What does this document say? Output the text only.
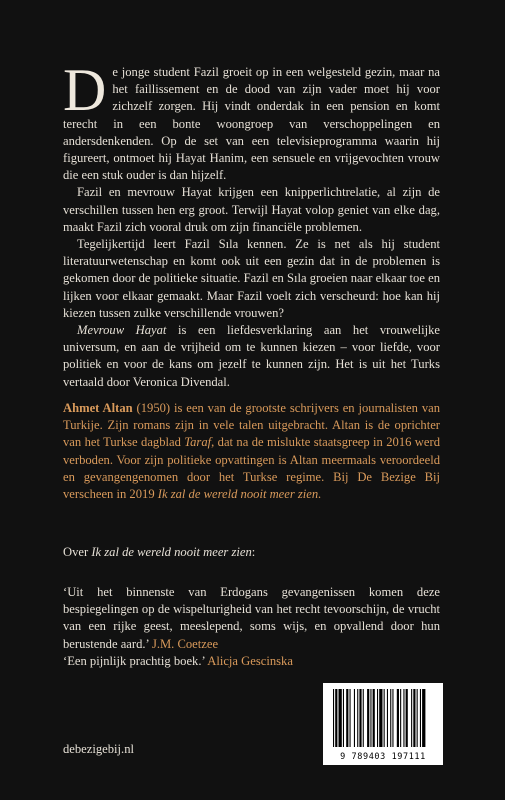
De jonge student Fazil groeit op in een welgesteld gezin, maar na het faillissement en de dood van zijn vader moet hij voor zichzelf zorgen. Hij vindt onderdak in een pension en komt terecht in een bonte woongroep van verschoppelingen en andersdenkenden. Op de set van een televisieprogramma waarin hij figureert, ontmoet hij Hayat Hanim, een sensuele en vrijgevochten vrouw die een stuk ouder is dan hijzelf.

Fazil en mevrouw Hayat krijgen een knipperlichtrelatie, al zijn de verschillen tussen hen erg groot. Terwijl Hayat volop geniet van elke dag, maakt Fazil zich vooral druk om zijn financiële problemen.

Tegelijkertijd leert Fazil Sıla kennen. Ze is net als hij student literatuurwetenschap en komt ook uit een gezin dat in de problemen is gekomen door de politieke situatie. Fazil en Sıla groeien naar elkaar toe en lijken voor elkaar gemaakt. Maar Fazil voelt zich verscheurd: hoe kan hij kiezen tussen zulke verschillende vrouwen?

Mevrouw Hayat is een liefdesverklaring aan het vrouwelijke universum, en aan de vrijheid om te kunnen kiezen – voor liefde, voor politiek en voor de kans om jezelf te kunnen zijn. Het is uit het Turks vertaald door Veronica Divendal.

Ahmet Altan (1950) is een van de grootste schrijvers en journalisten van Turkije. Zijn romans zijn in vele talen uitgebracht. Altan is de oprichter van het Turkse dagblad Taraf, dat na de mislukte staatsgreep in 2016 werd verboden. Voor zijn politieke opvattingen is Altan meermaals veroordeeld en gevangengenomen door het Turkse regime. Bij De Bezige Bij verscheen in 2019 Ik zal de wereld nooit meer zien.

Over Ik zal de wereld nooit meer zien:

‘Uit het binnenste van Erdogans gevangenissen komen deze bespiegelingen op de wispelturigheid van het recht tevoorschijn, de vrucht van een rijke geest, meeslepend, soms wijs, en opvallend door hun berustende aard.’ J.M. Coetzee

‘Een pijnlijk prachtig boek.’ Alicja Gescinska

debezigebij.nl
9 789403 197111
